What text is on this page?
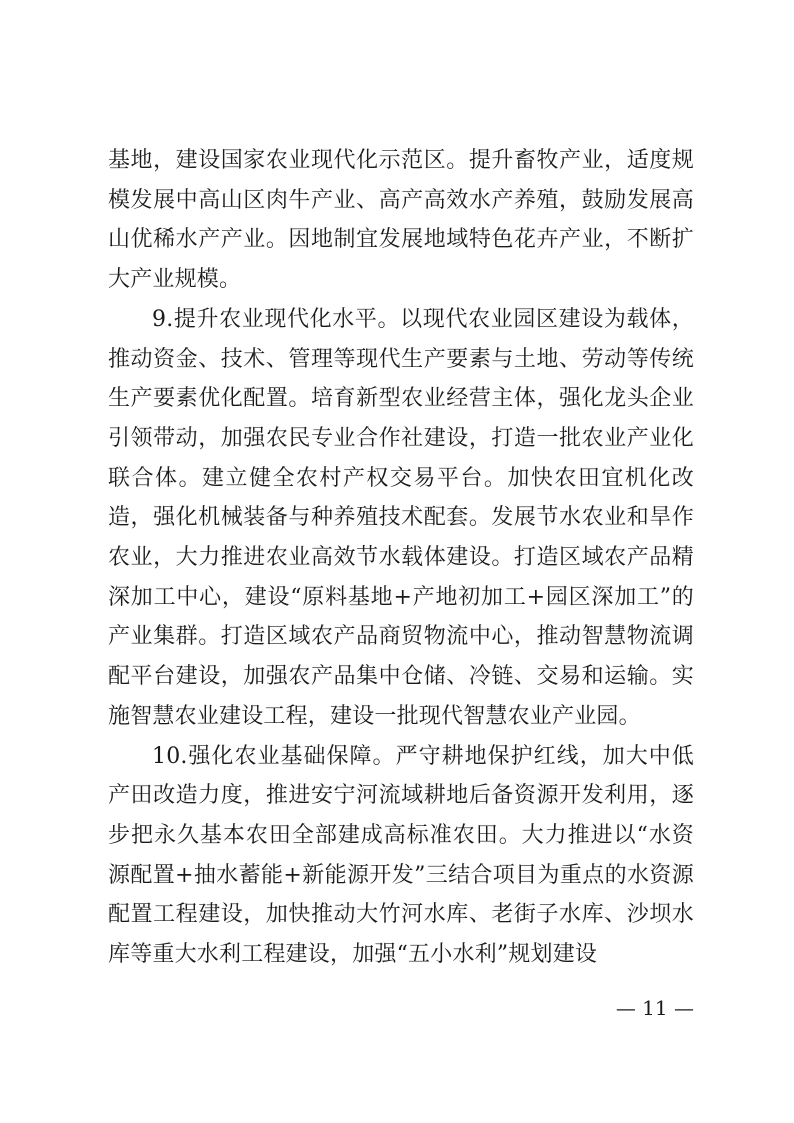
基地，建设国家农业现代化示范区。提升畜牧产业，适度规模发展中高山区肉牛产业、高产高效水产养殖，鼓励发展高山优稀水产产业。因地制宜发展地域特色花卉产业，不断扩大产业规模。

9.提升农业现代化水平。以现代农业园区建设为载体，推动资金、技术、管理等现代生产要素与土地、劳动等传统生产要素优化配置。培育新型农业经营主体，强化龙头企业引领带动，加强农民专业合作社建设，打造一批农业产业化联合体。建立健全农村产权交易平台。加快农田宜机化改造，强化机械装备与种养殖技术配套。发展节水农业和旱作农业，大力推进农业高效节水载体建设。打造区域农产品精深加工中心，建设“原料基地+产地初加工+园区深加工”的产业集群。打造区域农产品商贸物流中心，推动智慧物流调配平台建设，加强农产品集中仓储、冷链、交易和运输。实施智慧农业建设工程，建设一批现代智慧农业产业园。

10.强化农业基础保障。严守耕地保护红线，加大中低产田改造力度，推进安宁河流域耕地后备资源开发利用，逐步把永久基本农田全部建成高标准农田。大力推进以“水资源配置+抽水蓄能+新能源开发”三结合项目为重点的水资源配置工程建设，加快推动大竹河水库、老街子水库、沙坝水库等重大水利工程建设，加强“五小水利”规划建设

— 11 —
